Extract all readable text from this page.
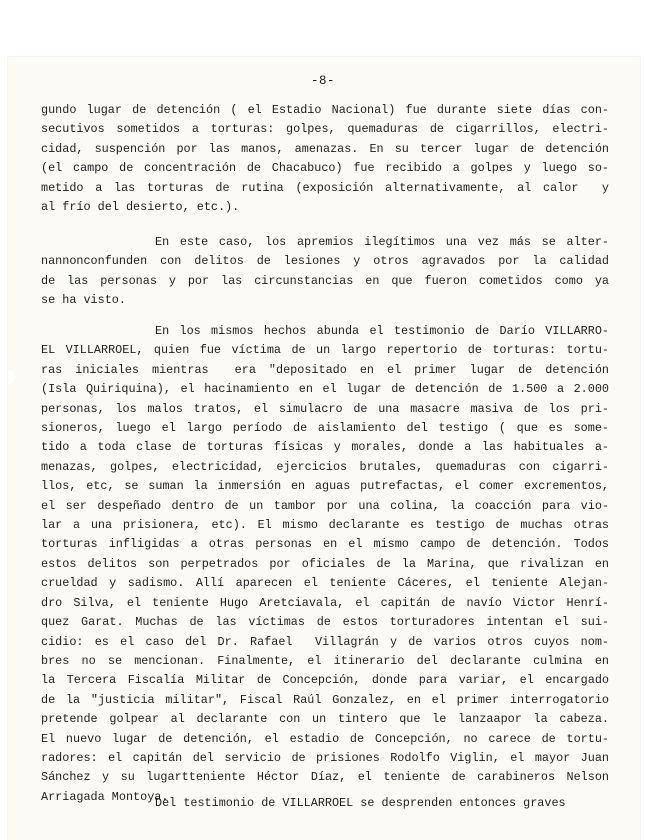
-8-
gundo lugar de detención ( el Estadio Nacional) fue durante siete días con-
secutivos sometidos a torturas: golpes, quemaduras de cigarrillos, electri-
cidad, suspención por las manos, amenazas. En su tercer lugar de detención
(el campo de concentración de Chacabuco) fue recibido a golpes y luego so-
metido a las torturas de rutina (exposición alternativamente, al calor  y
al frío del desierto, etc.).
En este caso, los apremios ilegítimos una vez más se alter-
nannonconfunden con delitos de lesiones y otros agravados por la calidad
de las personas y por las circunstancias en que fueron cometidos como ya
se ha visto.
En los mismos hechos abunda el testimonio de Darío VILLARRO-
EL VILLARROEL, quien fue víctima de un largo repertorio de torturas: tortu-
ras iniciales mientras  era "depositado en el primer lugar de detención
(Isla Quiriquina), el hacinamiento en el lugar de detención de 1.500 a 2.000
personas, los malos tratos, el simulacro de una masacre masiva de los pri-
sioneros, luego el largo período de aislamiento del testigo ( que es some-
tido a toda clase de torturas físicas y morales, donde a las habituales a-
menazas, golpes, electricidad, ejercicios brutales, quemaduras con cigarri-
llos, etc, se suman la inmersión en aguas putrefactas, el comer excrementos,
el ser despeñado dentro de un tambor por una colina, la coacción para vio-
lar a una prisionera, etc). El mismo declarante es testigo de muchas otras
torturas infligidas a otras personas en el mismo campo de detención. Todos
estos delitos son perpetrados por oficiales de la Marina, que rivalizan en
crueldad y sadismo. Allí aparecen el teniente Cáceres, el teniente Alejan-
dro Silva, el teniente Hugo Aretciavala, el capitán de navío Victor Henrí-
quez Garat. Muchas de las víctimas de estos torturadores intentan el sui-
cidio: es el caso del Dr. Rafael  Villagrán y de varios otros cuyos nom-
bres no se mencionan. Finalmente, el itinerario del declarante culmina en
la Tercera Fiscalía Militar de Concepción, donde para variar, el encargado
de la "justicia militar", Fiscal Raúl Gonzalez, en el primer interrogatorio
pretende golpear al declarante con un tintero que le lanzaapor la cabeza.
El nuevo lugar de detención, el estadio de Concepción, no carece de tortu-
radores: el capitán del servicio de prisiones Rodolfo Viglin, el mayor Juan
Sánchez y su lugartteniente Héctor Díaz, el teniente de carabineros Nelson
Arriagada Montoya.
Del testimonio de VILLARROEL se desprenden entonces graves
